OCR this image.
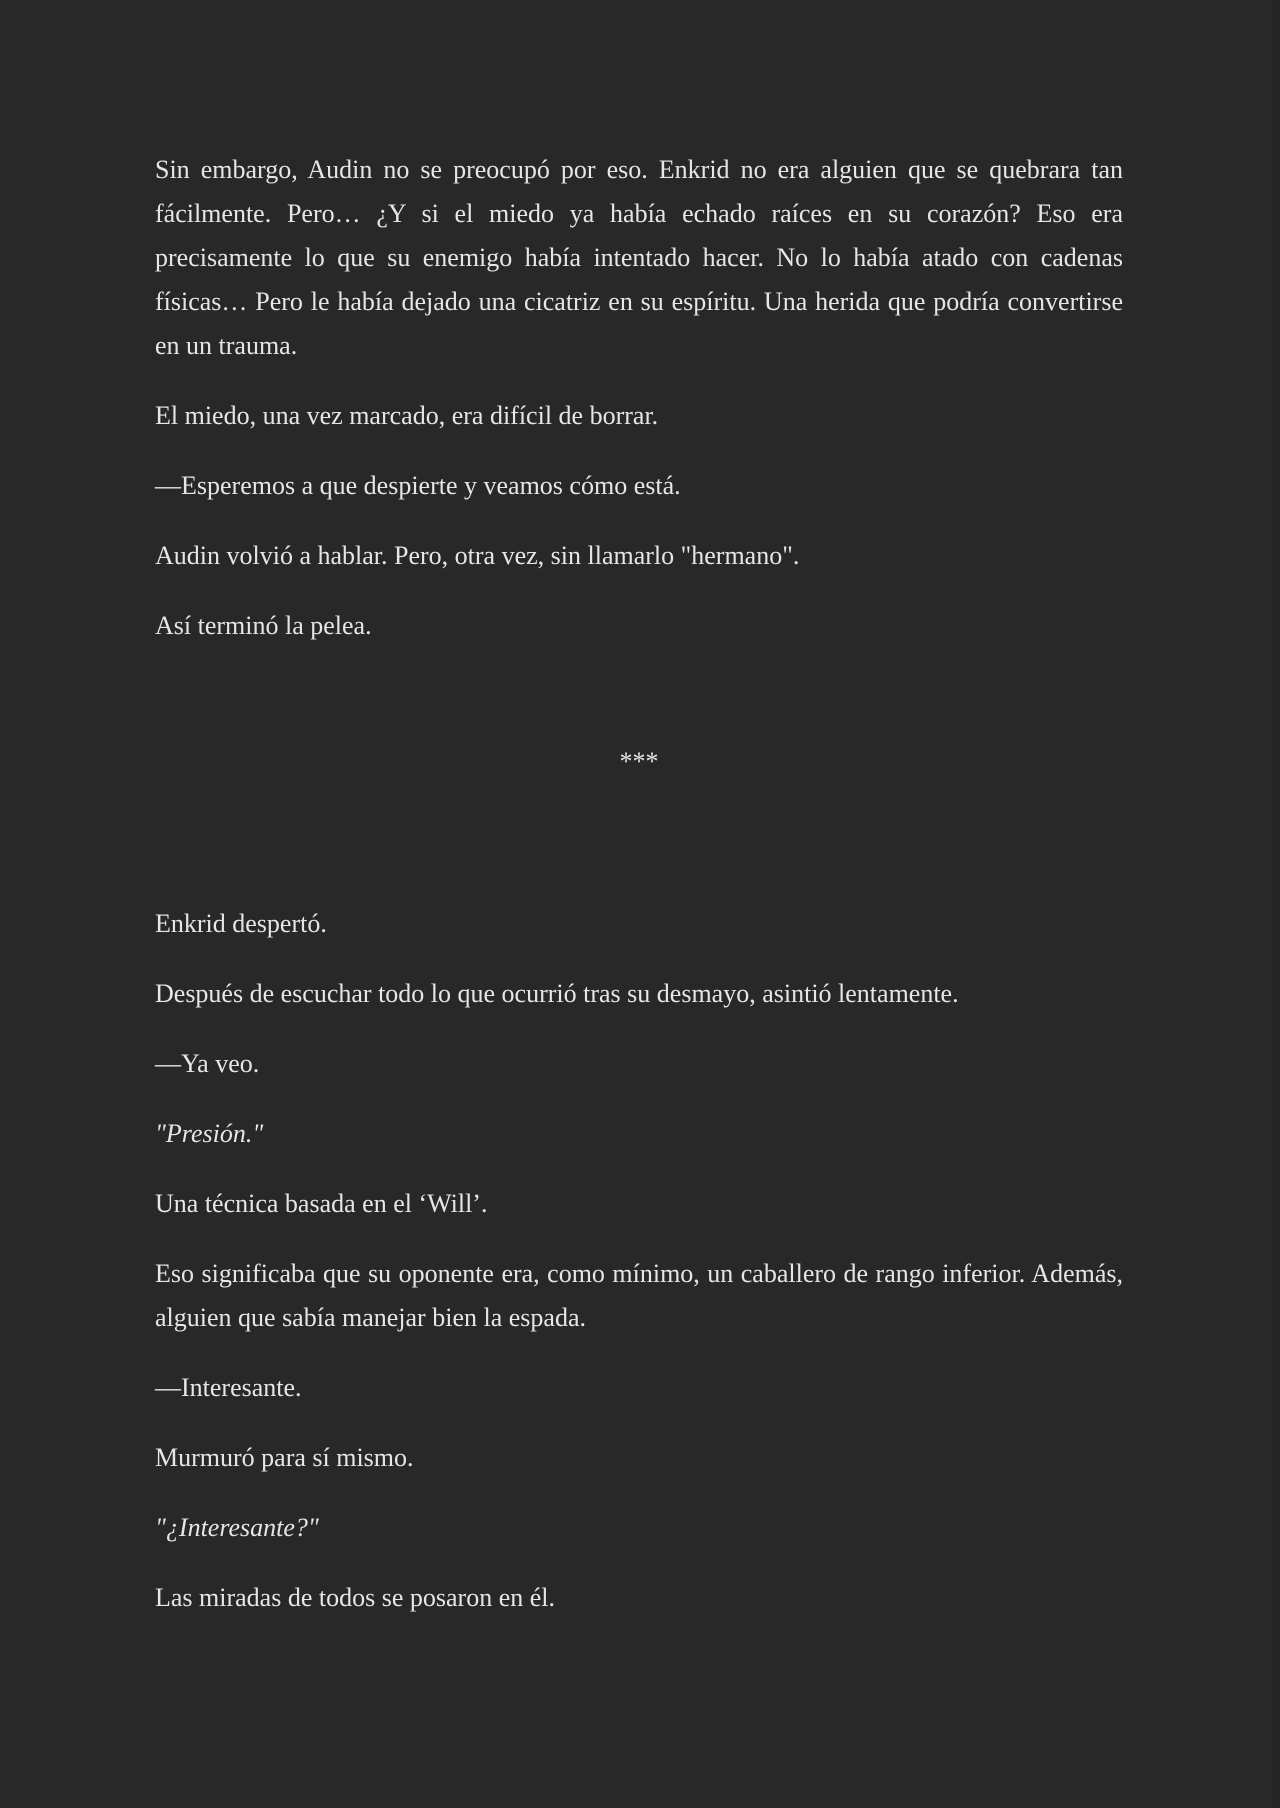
Sin embargo, Audin no se preocupó por eso. Enkrid no era alguien que se quebrara tan fácilmente. Pero… ¿Y si el miedo ya había echado raíces en su corazón? Eso era precisamente lo que su enemigo había intentado hacer. No lo había atado con cadenas físicas… Pero le había dejado una cicatriz en su espíritu. Una herida que podría convertirse en un trauma.

El miedo, una vez marcado, era difícil de borrar.

—Esperemos a que despierte y veamos cómo está.

Audin volvió a hablar. Pero, otra vez, sin llamarlo "hermano".

Así terminó la pelea.

***

Enkrid despertó.

Después de escuchar todo lo que ocurrió tras su desmayo, asintió lentamente.

—Ya veo.

"Presión."

Una técnica basada en el ‘Will’.

Eso significaba que su oponente era, como mínimo, un caballero de rango inferior. Además, alguien que sabía manejar bien la espada.

—Interesante.

Murmuró para sí mismo.

"¿Interesante?"

Las miradas de todos se posaron en él.
